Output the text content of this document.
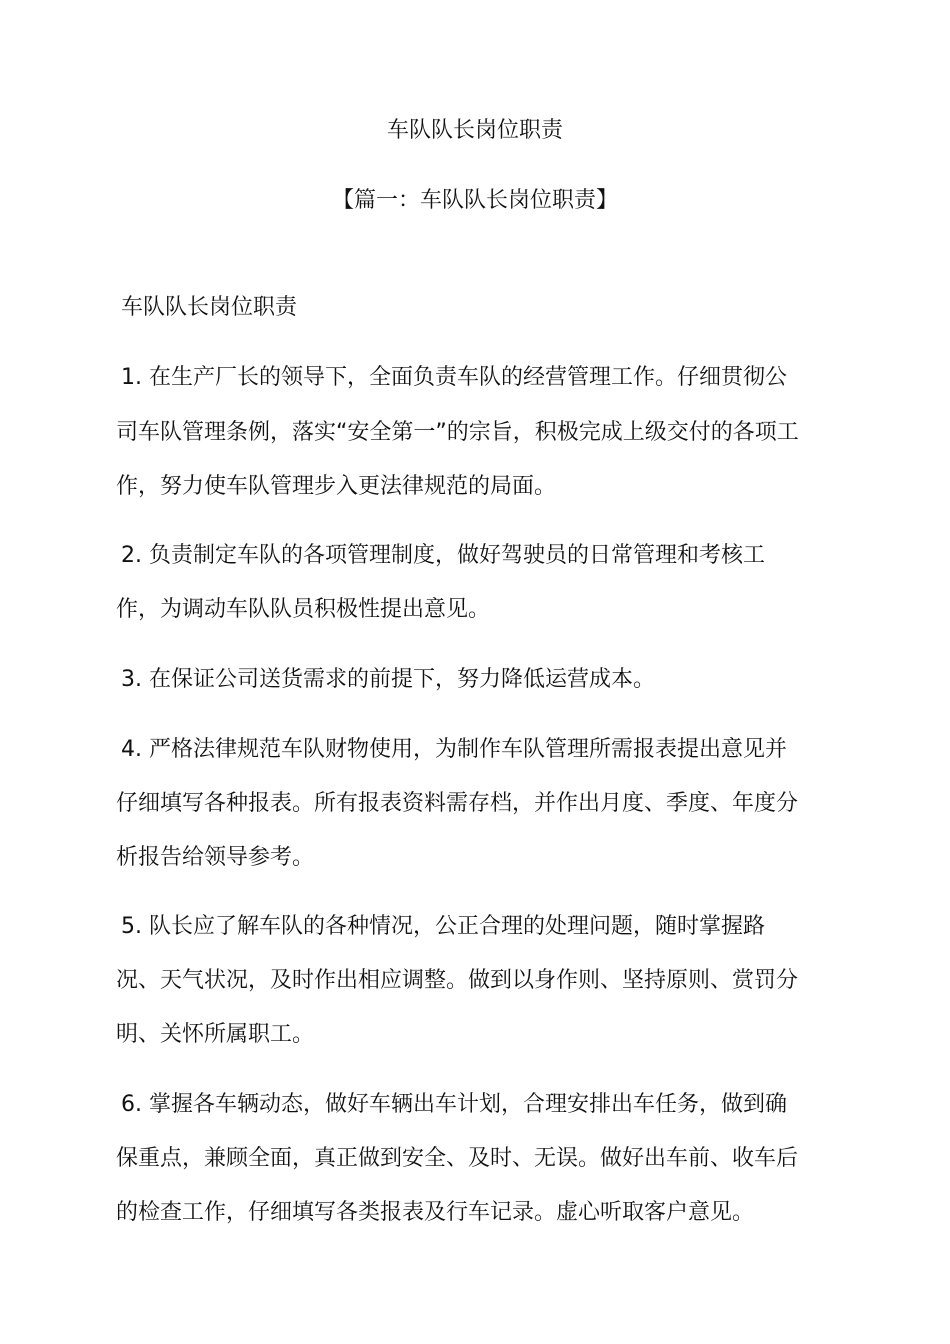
车队队长岗位职责
【篇一：车队队长岗位职责】
车队队长岗位职责
1. 在生产厂长的领导下，全面负责车队的经营管理工作。仔细贯彻公
司车队管理条例，落实“安全第一”的宗旨，积极完成上级交付的各项工
作，努力使车队管理步入更法律规范的局面。
2. 负责制定车队的各项管理制度，做好驾驶员的日常管理和考核工
作，为调动车队队员积极性提出意见。
3. 在保证公司送货需求的前提下，努力降低运营成本。
4. 严格法律规范车队财物使用，为制作车队管理所需报表提出意见并
仔细填写各种报表。所有报表资料需存档，并作出月度、季度、年度分
析报告给领导参考。
5. 队长应了解车队的各种情况，公正合理的处理问题，随时掌握路
况、天气状况，及时作出相应调整。做到以身作则、坚持原则、赏罚分
明、关怀所属职工。
6. 掌握各车辆动态，做好车辆出车计划，合理安排出车任务，做到确
保重点，兼顾全面，真正做到安全、及时、无误。做好出车前、收车后
的检查工作，仔细填写各类报表及行车记录。虚心听取客户意见。
